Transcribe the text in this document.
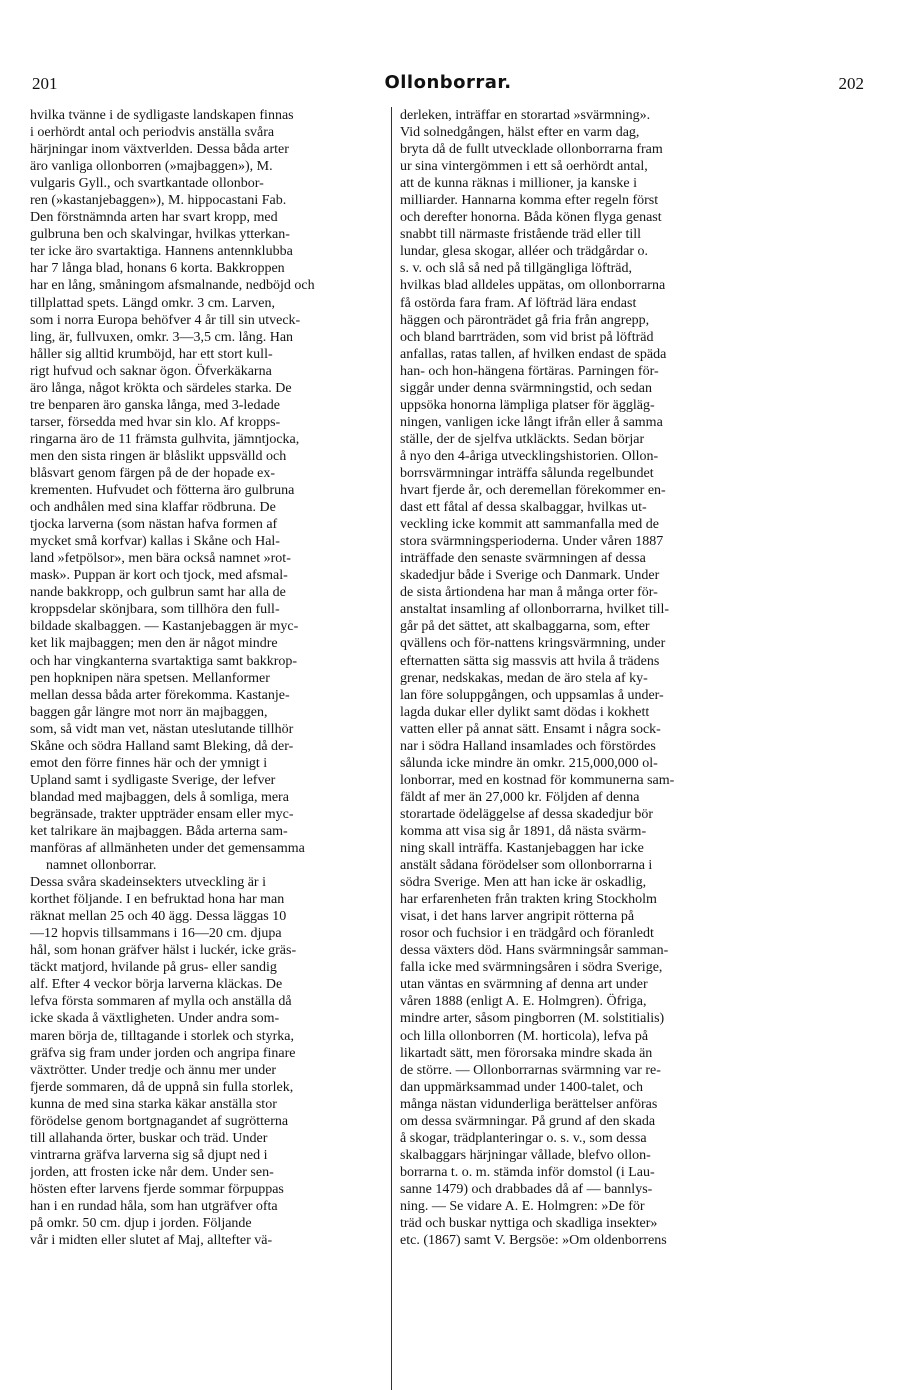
201	Ollonborrar.	202
hvilka tvänne i de sydligaste landskapen finnas
i oerhördt antal och periodvis anställa svåra
härjningar inom växtverlden. Dessa båda arter
äro vanliga ollonborren (»majbaggen»), M.
vulgaris Gyll., och svartkantade ollonbor-
ren (»kastanjebaggen»), M. hippocastani Fab.
Den förstnämnda arten har svart kropp, med
gulbruna ben och skalvingar, hvilkas ytterkan-
ter icke äro svartaktiga. Hannens antennklubba
har 7 långa blad, honans 6 korta. Bakkroppen
har en lång, småningom afsmalnande, nedböjd och
tillplattad spets. Längd omkr. 3 cm. Larven,
som i norra Europa behöfver 4 år till sin utveck-
ling, är, fullvuxen, omkr. 3—3,5 cm. lång. Han
håller sig alltid krumböjd, har ett stort kull-
rigt hufvud och saknar ögon. Öfverkäkarna
äro långa, något krökta och särdeles starka. De
tre benparen äro ganska långa, med 3-ledade
tarser, försedda med hvar sin klo. Af kropps-
ringarna äro de 11 främsta gulhvita, jämntjocka,
men den sista ringen är blåslikt uppsvälld och
blåsvart genom färgen på de der hopade ex-
krementen. Hufvudet och fötterna äro gulbruna
och andhålen med sina klaffar rödbruna. De
tjocka larverna (som nästan hafva formen af
mycket små korfvar) kallas i Skåne och Hal-
land »fetpölsor», men bära också namnet »rot-
mask». Puppan är kort och tjock, med afsmal-
nande bakkropp, och gulbrun samt har alla de
kroppsdelar skönjbara, som tillhöra den full-
bildade skalbaggen. — Kastanjebaggen är myc-
ket lik majbaggen; men den är något mindre
och har vingkanterna svartaktiga samt bakkrop-
pen hopknipen nära spetsen. Mellanformer
mellan dessa båda arter förekomma. Kastanje-
baggen går längre mot norr än majbaggen,
som, så vidt man vet, nästan uteslutande tillhör
Skåne och södra Halland samt Bleking, då der-
emot den förre finnes här och der ymnigt i
Upland samt i sydligaste Sverige, der lefver
blandad med majbaggen, dels å somliga, mera
begränsade, trakter uppträder ensam eller myc-
ket talrikare än majbaggen. Båda arterna sam-
manföras af allmänheten under det gemensamma
namnet ollonborrar.
Dessa svåra skadeinsekters utveckling är i
korthet följande. I en befruktad hona har man
räknat mellan 25 och 40 ägg. Dessa läggas 10
—12 hopvis tillsammans i 16—20 cm. djupa
hål, som honan gräfver hälst i luckér, icke gräs-
täckt matjord, hvilande på grus- eller sandig
alf. Efter 4 veckor börja larverna kläckas. De
lefva första sommaren af mylla och anställa då
icke skada å växtligheten. Under andra som-
maren börja de, tilltagande i storlek och styrka,
gräfva sig fram under jorden och angripa finare
växtrötter. Under tredje och ännu mer under
fjerde sommaren, då de uppnå sin fulla storlek,
kunna de med sina starka käkar anställa stor
förödelse genom bortgnagandet af sugrötterna
till allahanda örter, buskar och träd. Under
vintrarna gräfva larverna sig så djupt ned i
jorden, att frosten icke når dem. Under sen-
hösten efter larvens fjerde sommar förpuppas
han i en rundad håla, som han utgräfver ofta
på omkr. 50 cm. djup i jorden. Följande
vår i midten eller slutet af Maj, alltefter vä-
derleken, inträffar en storartad »svärmning».
Vid solnedgången, hälst efter en varm dag,
bryta då de fullt utvecklade ollonborrarna fram
ur sina vintergömmen i ett så oerhördt antal,
att de kunna räknas i millioner, ja kanske i
milliarder. Hannarna komma efter regeln först
och derefter honorna. Båda könen flyga genast
snabbt till närmaste fristående träd eller till
lundar, glesa skogar, alléer och trädgårdar o.
s. v. och slå så ned på tillgängliga löfträd,
hvilkas blad alldeles uppätas, om ollonborrarna
få ostörda fara fram. Af löfträd lära endast
häggen och päronträdet gå fria från angrepp,
och bland barrträden, som vid brist på löfträd
anfallas, ratas tallen, af hvilken endast de späda
han- och hon-hängena förtäras. Parningen för-
siggår under denna svärmningstid, och sedan
uppsöka honorna lämpliga platser för äggläg-
ningen, vanligen icke långt ifrån eller å samma
ställe, der de sjelfva utkläckts. Sedan börjar
å nyo den 4-åriga utvecklingshistorien. Ollon-
borrsvärmningar inträffa sålunda regelbundet
hvart fjerde år, och deremellan förekommer en-
dast ett fåtal af dessa skalbaggar, hvilkas ut-
veckling icke kommit att sammanfalla med de
stora svärmningsperioderna. Under våren 1887
inträffade den senaste svärmningen af dessa
skadedjur både i Sverige och Danmark. Under
de sista årtiondena har man å många orter för-
anstaltat insamling af ollonborrarna, hvilket till-
går på det sättet, att skalbaggarna, som, efter
qvällens och för-nattens kringsvärmning, under
efternatten sätta sig massvis att hvila å trädens
grenar, nedskakas, medan de äro stela af ky-
lan före soluppgången, och uppsamlas å under-
lagda dukar eller dylikt samt dödas i kokhett
vatten eller på annat sätt. Ensamt i några sock-
nar i södra Halland insamlades och förstördes
sålunda icke mindre än omkr. 215,000,000 ol-
lonborrar, med en kostnad för kommunerna sam-
fäldt af mer än 27,000 kr. Följden af denna
storartade ödeläggelse af dessa skadedjur bör
komma att visa sig år 1891, då nästa svärm-
ning skall inträffa. Kastanjebaggen har icke
anstält sådana förödelser som ollonborrarna i
södra Sverige. Men att han icke är oskadlig,
har erfarenheten från trakten kring Stockholm
visat, i det hans larver angripit rötterna på
rosor och fuchsior i en trädgård och föranledt
dessa växters död. Hans svärmningsår samman-
falla icke med svärmningsåren i södra Sverige,
utan väntas en svärmning af denna art under
våren 1888 (enligt A. E. Holmgren). Öfriga,
mindre arter, såsom pingborren (M. solstitialis)
och lilla ollonborren (M. horticola), lefva på
likartadt sätt, men förorsaka mindre skada än
de större. — Ollonborrarnas svärmning var re-
dan uppmärksammad under 1400-talet, och
många nästan vidunderliga berättelser anföras
om dessa svärmningar. På grund af den skada
å skogar, trädplanteringar o. s. v., som dessa
skalbaggars härjningar vållade, blefvo ollon-
borrarna t. o. m. stämda inför domstol (i Lau-
sanne 1479) och drabbades då af — bannlys-
ning. — Se vidare A. E. Holmgren: »De för
träd och buskar nyttiga och skadliga insekter»
etc. (1867) samt V. Bergsöe: »Om oldenborrens
